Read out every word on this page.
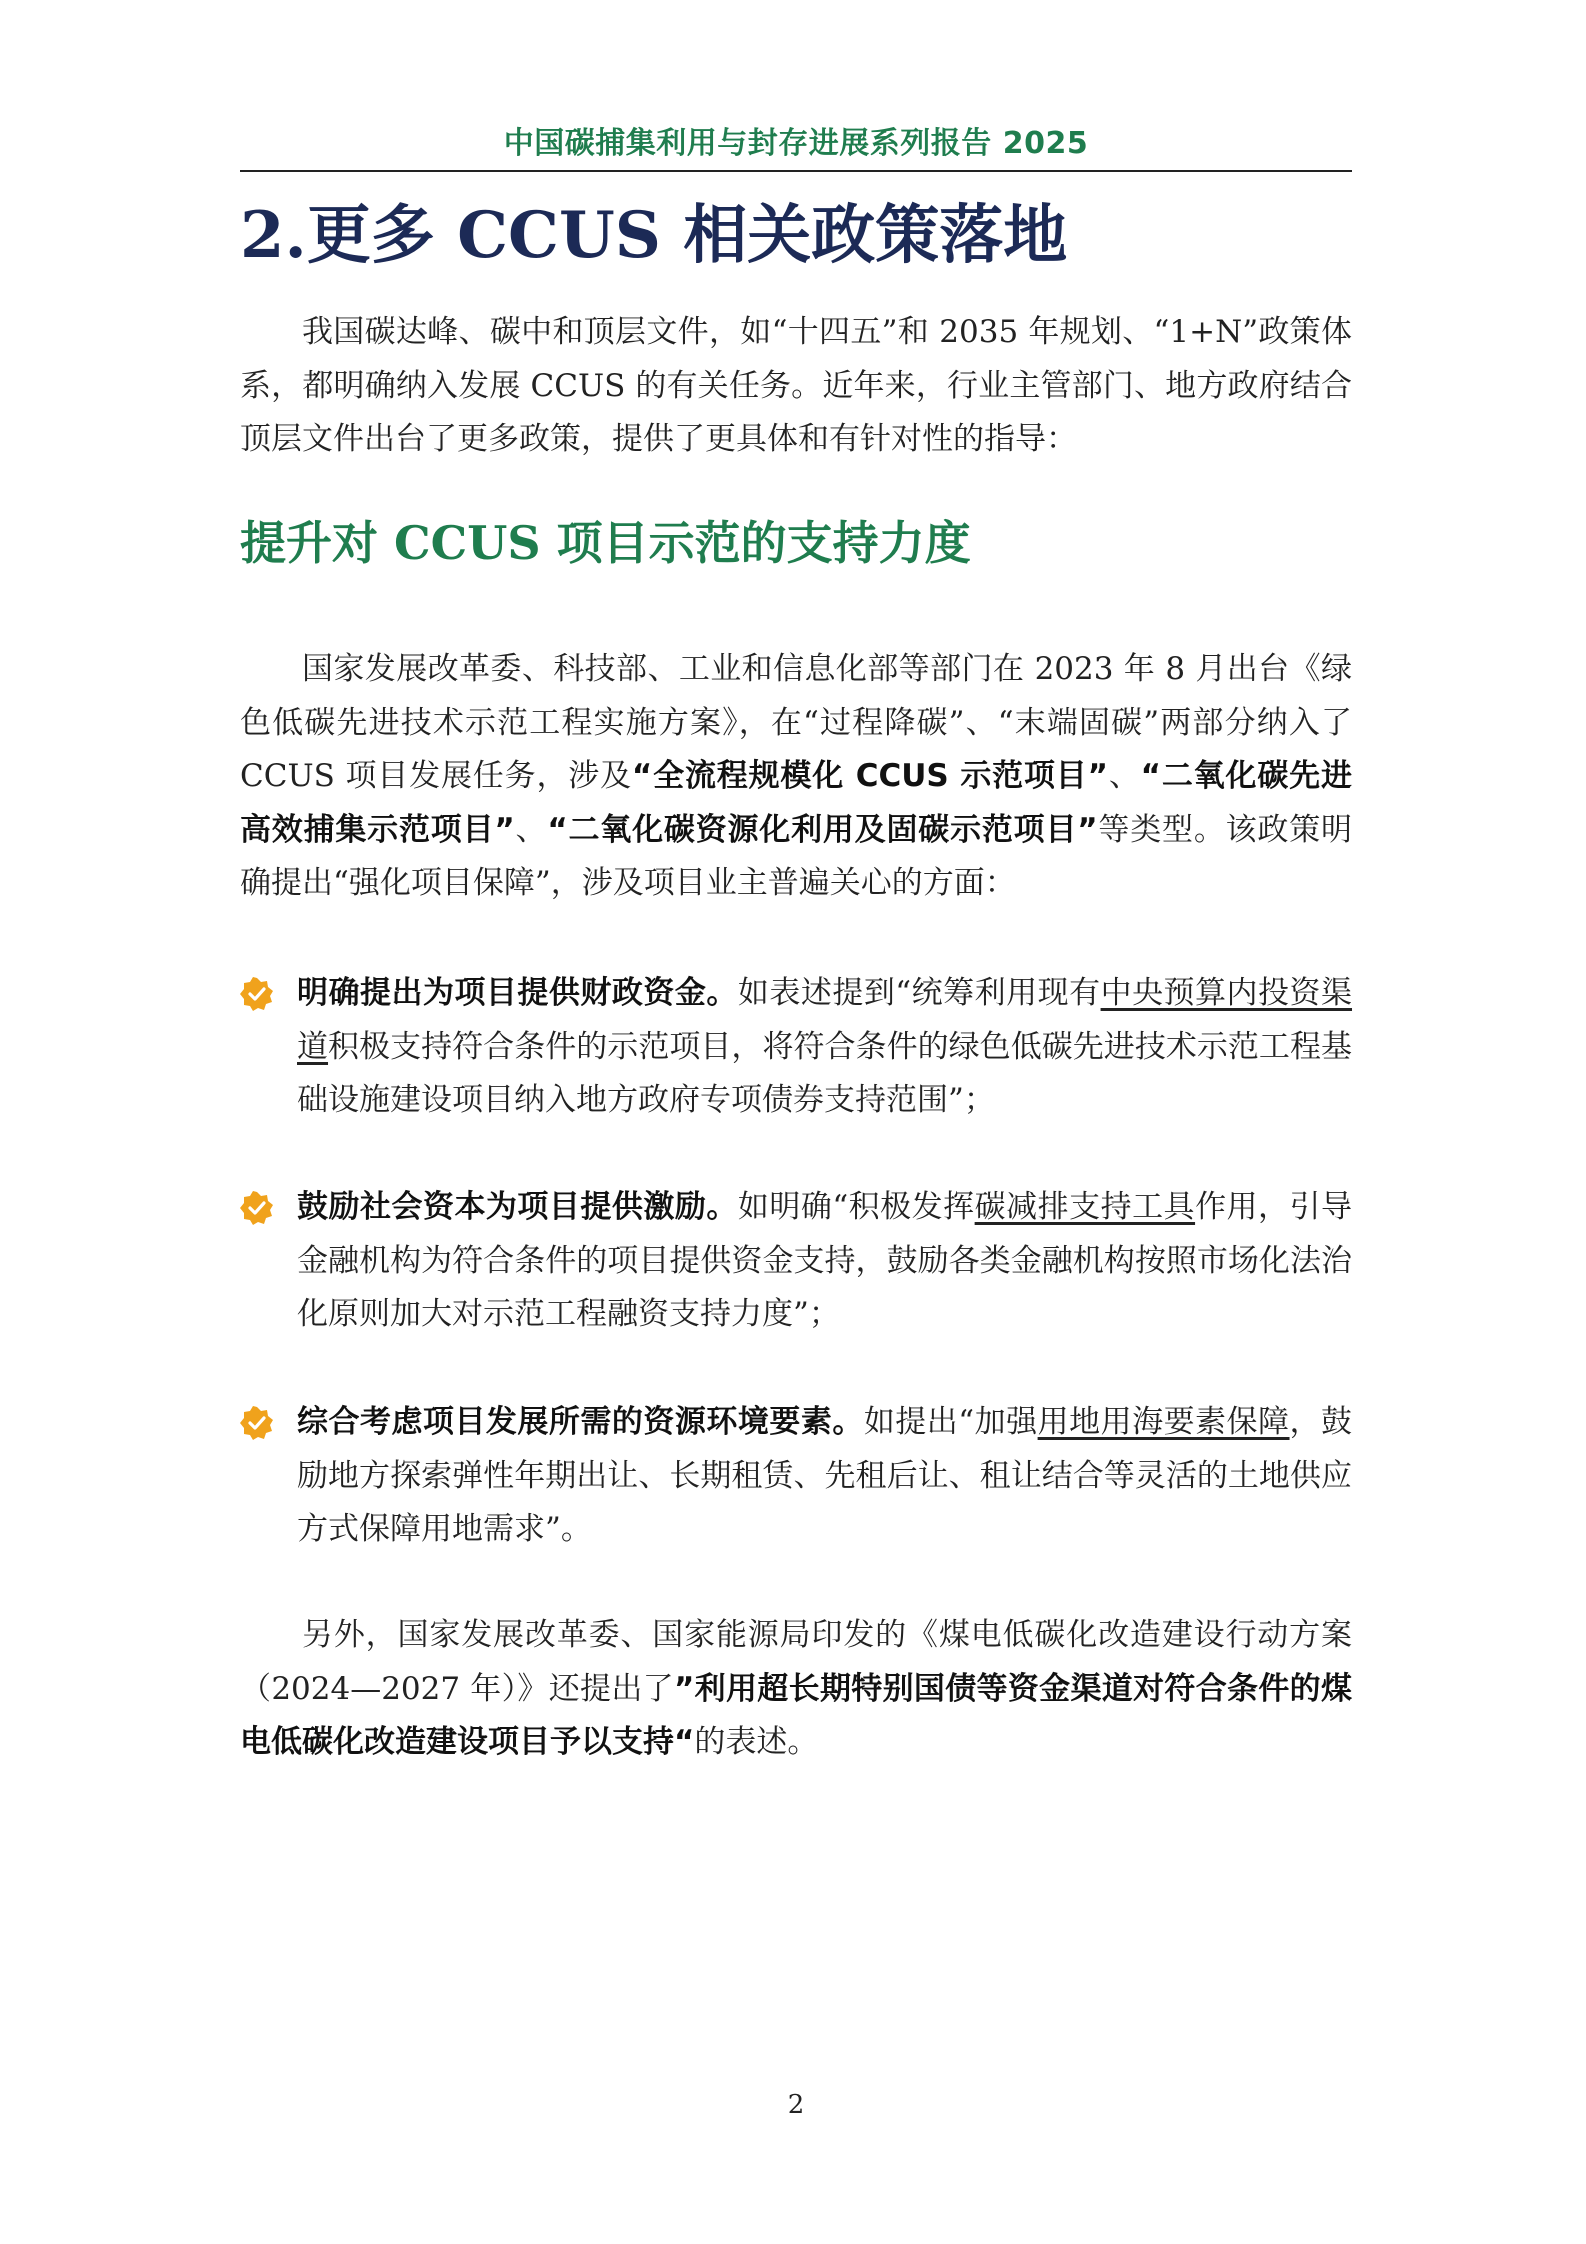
中国碳捕集利用与封存进展系列报告 2025
2.更多 CCUS 相关政策落地

我国碳达峰、碳中和顶层文件，如“十四五”和 2035 年规划、“1+N”政策体系，都明确纳入发展 CCUS 的有关任务。近年来，行业主管部门、地方政府结合顶层文件出台了更多政策，提供了更具体和有针对性的指导：

提升对 CCUS 项目示范的支持力度

国家发展改革委、科技部、工业和信息化部等部门在 2023 年 8 月出台《绿色低碳先进技术示范工程实施方案》，在“过程降碳”、“末端固碳”两部分纳入了 CCUS 项目发展任务，涉及“全流程规模化 CCUS 示范项目”、“二氧化碳先进高效捕集示范项目”、“二氧化碳资源化利用及固碳示范项目”等类型。该政策明确提出“强化项目保障”，涉及项目业主普遍关心的方面：

明确提出为项目提供财政资金。如表述提到“统筹利用现有中央预算内投资渠道积极支持符合条件的示范项目，将符合条件的绿色低碳先进技术示范工程基础设施建设项目纳入地方政府专项债券支持范围”；

鼓励社会资本为项目提供激励。如明确“积极发挥碳减排支持工具作用，引导金融机构为符合条件的项目提供资金支持，鼓励各类金融机构按照市场化法治化原则加大对示范工程融资支持力度”；

综合考虑项目发展所需的资源环境要素。如提出“加强用地用海要素保障，鼓励地方探索弹性年期出让、长期租赁、先租后让、租让结合等灵活的土地供应方式保障用地需求”。

另外，国家发展改革委、国家能源局印发的《煤电低碳化改造建设行动方案（2024—2027 年）》还提出了”利用超长期特别国债等资金渠道对符合条件的煤电低碳化改造建设项目予以支持“的表述。

2
